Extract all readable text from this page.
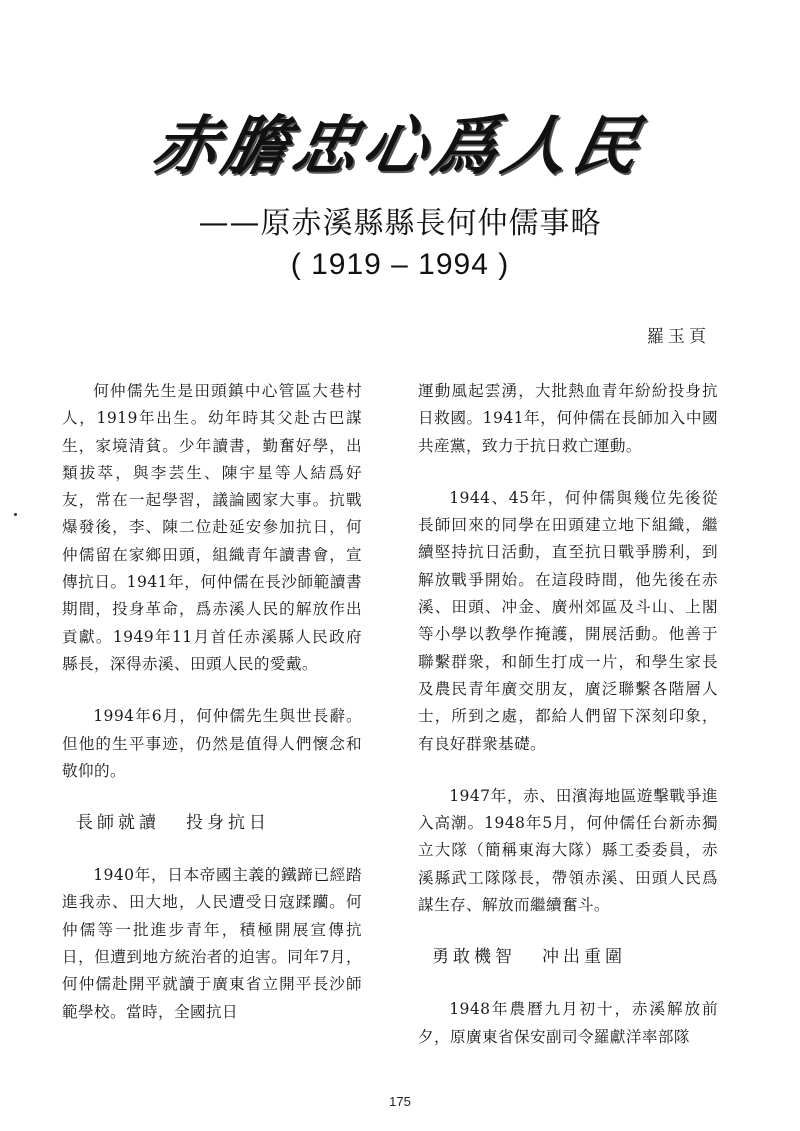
赤膽忠心爲人民
——原赤溪縣縣長何仲儒事略
( 1919 – 1994 )
羅玉頁

何仲儒先生是田頭鎮中心管區大巷村人，1919年出生。幼年時其父赴古巴謀生，家境清貧。少年讀書，勤奮好學，出類拔萃，與李芸生、陳宇星等人結爲好友，常在一起學習，議論國家大事。抗戰爆發後，李、陳二位赴延安參加抗日，何仲儒留在家鄉田頭，組織青年讀書會，宣傳抗日。1941年，何仲儒在長沙師範讀書期間，投身革命，爲赤溪人民的解放作出貢獻。1949年11月首任赤溪縣人民政府縣長，深得赤溪、田頭人民的愛戴。

1994年6月，何仲儒先生與世長辭。但他的生平事迹，仍然是值得人們懷念和敬仰的。

長師就讀 投身抗日

1940年，日本帝國主義的鐵蹄已經踏進我赤、田大地，人民遭受日寇蹂躪。何仲儒等一批進步青年，積極開展宣傳抗日，但遭到地方統治者的迫害。同年7月，何仲儒赴開平就讀于廣東省立開平長沙師範學校。當時，全國抗日

運動風起雲湧，大批熱血青年紛紛投身抗日救國。1941年，何仲儒在長師加入中國共産黨，致力于抗日救亡運動。

1944、45年，何仲儒與幾位先後從長師回來的同學在田頭建立地下組織，繼續堅持抗日活動，直至抗日戰爭勝利，到解放戰爭開始。在這段時間，他先後在赤溪、田頭、冲金、廣州郊區及斗山、上閣等小學以教學作掩護，開展活動。他善于聯繫群衆，和師生打成一片，和學生家長及農民青年廣交朋友，廣泛聯繫各階層人士，所到之處，都給人們留下深刻印象，有良好群衆基礎。

1947年，赤、田濱海地區遊擊戰爭進入高潮。1948年5月，何仲儒任台新赤獨立大隊（簡稱東海大隊）縣工委委員，赤溪縣武工隊隊長，帶領赤溪、田頭人民爲謀生存、解放而繼續奮斗。

勇敢機智 冲出重圍

1948年農曆九月初十，赤溪解放前夕，原廣東省保安副司令羅獻洋率部隊

175
